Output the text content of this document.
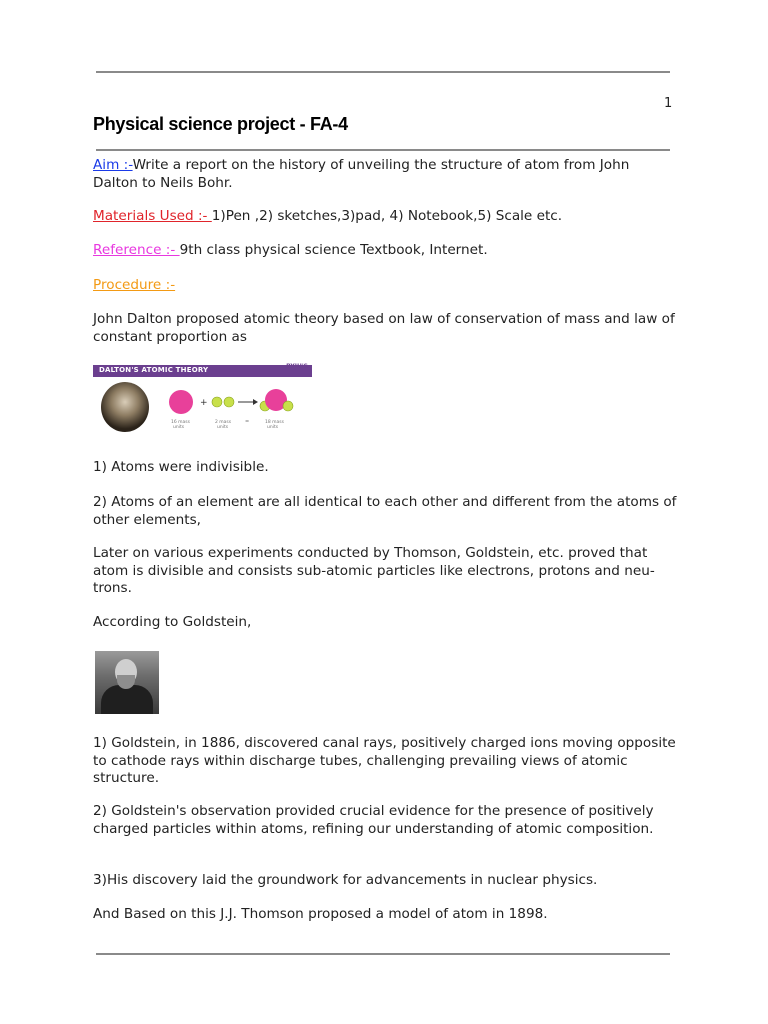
1
Physical science project - FA-4
Aim :-Write a report on the history of unveiling the structure of atom from John Dalton to Neils Bohr.
Materials Used :- 1)Pen ,2) sketches,3)pad, 4) Notebook,5) Scale etc.
Reference :- 9th class physical science Textbook, Internet.
Procedure :-
John Dalton proposed atomic theory based on law of conservation of mass and law of constant proportion as
DALTON'S ATOMIC THEORY	BYJU'S
+
16 mass
units
2 mass
units
=	18 mass
units
1) Atoms were indivisible.
2) Atoms of an element are all identical to each other and different from the atoms of other elements,
Later on various experiments conducted by Thomson, Goldstein, etc. proved that atom is divisible and consists sub-atomic particles like electrons, protons and neu- trons.
According to Goldstein,
1) Goldstein, in 1886, discovered canal rays, positively charged ions moving opposite to cathode rays within discharge tubes, challenging prevailing views of atomic structure.
2) Goldstein's observation provided crucial evidence for the presence of positively charged particles within atoms, refining our understanding of atomic composition.
3)His discovery laid the groundwork for advancements in nuclear physics.
And Based on this J.J. Thomson proposed a model of atom in 1898.
